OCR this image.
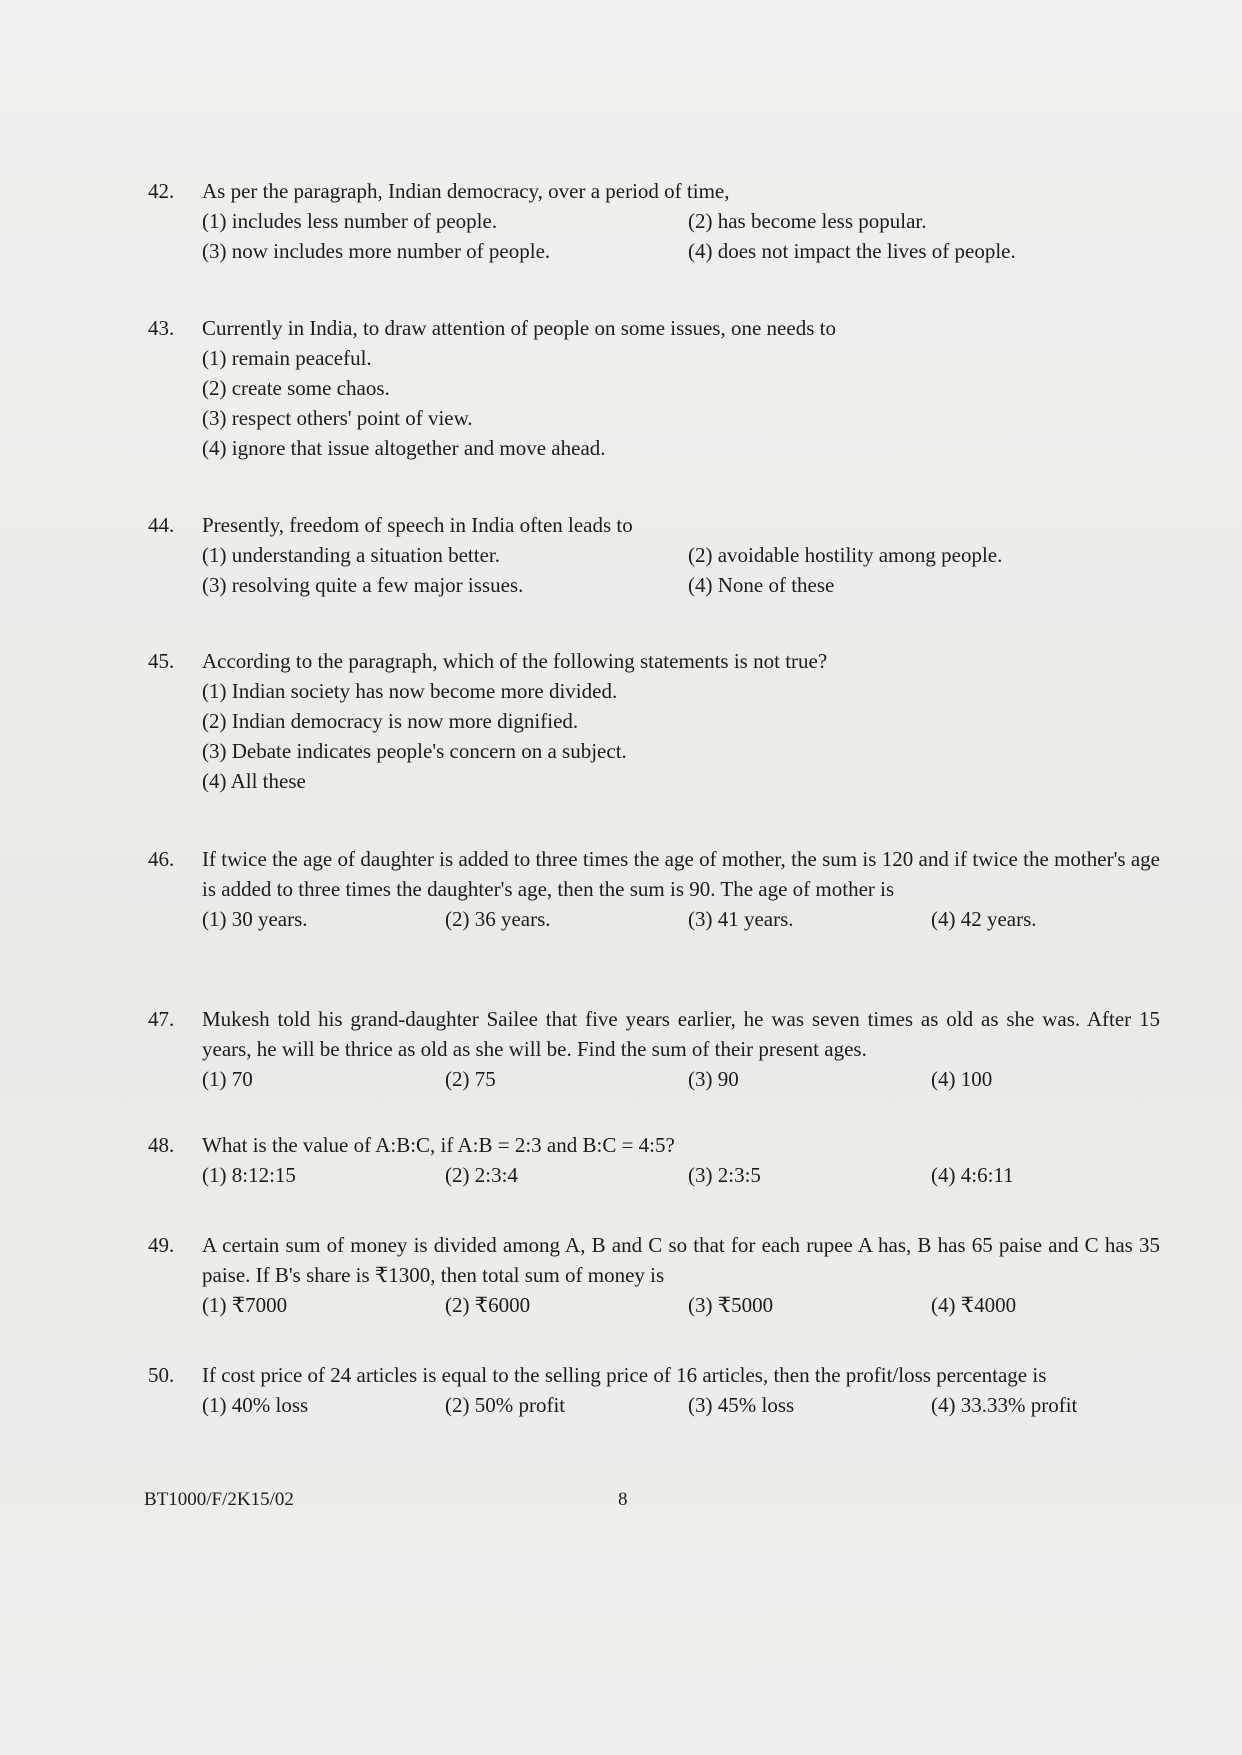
42.	As per the paragraph, Indian democracy, over a period of time,
(1) includes less number of people.	(2) has become less popular.
(3) now includes more number of people.	(4) does not impact the lives of people.
43.	Currently in India, to draw attention of people on some issues, one needs to
(1) remain peaceful.
(2) create some chaos.
(3) respect others' point of view.
(4) ignore that issue altogether and move ahead.
44.	Presently, freedom of speech in India often leads to
(1) understanding a situation better.	(2) avoidable hostility among people.
(3) resolving quite a few major issues.	(4) None of these
45.	According to the paragraph, which of the following statements is not true?
(1) Indian society has now become more divided.
(2) Indian democracy is now more dignified.
(3) Debate indicates people's concern on a subject.
(4) All these
46.	If twice the age of daughter is added to three times the age of mother, the sum is 120 and if twice the mother's age is added to three times the daughter's age, then the sum is 90. The age of mother is
(1) 30 years.	(2) 36 years.	(3) 41 years.	(4) 42 years.
47.	Mukesh told his grand-daughter Sailee that five years earlier, he was seven times as old as she was. After 15 years, he will be thrice as old as she will be. Find the sum of their present ages.
(1) 70	(2) 75	(3) 90	(4) 100
48.	What is the value of A:B:C, if A:B = 2:3 and B:C = 4:5?
(1) 8:12:15	(2) 2:3:4	(3) 2:3:5	(4) 4:6:11
49.	A certain sum of money is divided among A, B and C so that for each rupee A has, B has 65 paise and C has 35 paise. If B's share is ₹1300, then total sum of money is
(1) ₹7000	(2) ₹6000	(3) ₹5000	(4) ₹4000
50.	If cost price of 24 articles is equal to the selling price of 16 articles, then the profit/loss percentage is
(1) 40% loss	(2) 50% profit	(3) 45% loss	(4) 33.33% profit
BT1000/F/2K15/02	8
